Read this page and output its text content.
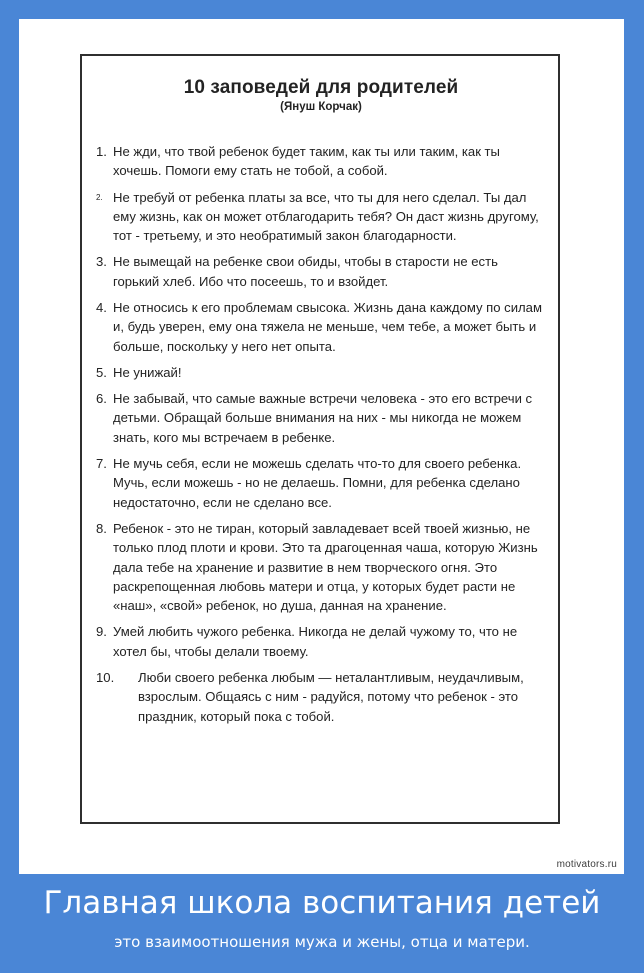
10 заповедей для родителей
(Януш Корчак)
1. Не жди, что твой ребенок будет таким, как ты или таким, как ты хочешь. Помоги ему стать не тобой, а собой.
2. Не требуй от ребенка платы за все, что ты для него сделал. Ты дал ему жизнь, как он может отблагодарить тебя? Он даст жизнь другому, тот - третьему, и это необратимый закон благодарности.
3. Не вымещай на ребенке свои обиды, чтобы в старости не есть горький хлеб. Ибо что посеешь, то и взойдет.
4. Не относись к его проблемам свысока. Жизнь дана каждому по силам и, будь уверен, ему она тяжела не меньше, чем тебе, а может быть и больше, поскольку у него нет опыта.
5. Не унижай!
6. Не забывай, что самые важные встречи человека - это его встречи с детьми. Обращай больше внимания на них - мы никогда не можем знать, кого мы встречаем в ребенке.
7. Не мучь себя, если не можешь сделать что-то для своего ребенка. Мучь, если можешь - но не делаешь. Помни, для ребенка сделано недостаточно, если не сделано все.
8. Ребенок - это не тиран, который завладевает всей твоей жизнью, не только плод плоти и крови. Это та драгоценная чаша, которую Жизнь дала тебе на хранение и развитие в нем творческого огня. Это раскрепощенная любовь матери и отца, у которых будет расти не «наш», «свой» ребенок, но душа, данная на хранение.
9. Умей любить чужого ребенка. Никогда не делай чужому то, что не хотел бы, чтобы делали твоему.
10.	Люби своего ребенка любым — неталантливым, неудачливым, взрослым. Общаясь с ним - радуйся, потому что ребенок - это праздник, который пока с тобой.
motivators.ru
Главная школа воспитания детей
это взаимоотношения мужа и жены, отца и матери.
